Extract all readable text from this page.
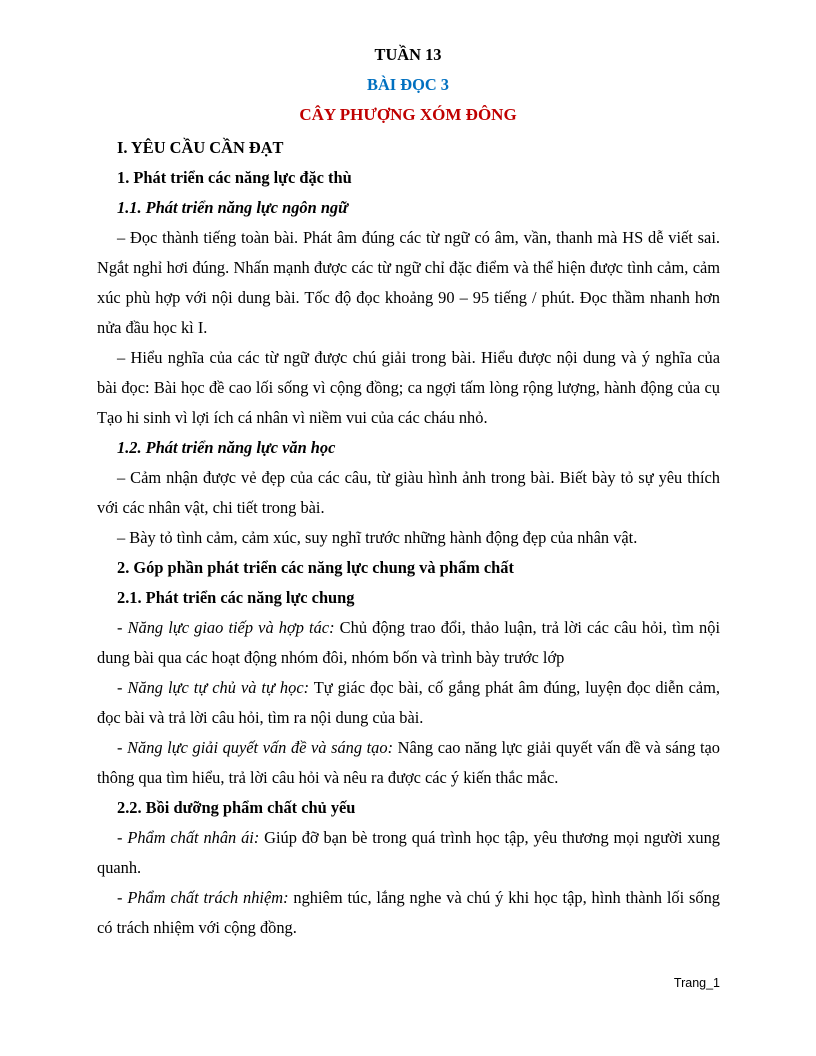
TUẦN 13
BÀI ĐỌC 3
CÂY PHƯỢNG XÓM ĐÔNG

I. YÊU CẦU CẦN ĐẠT

1. Phát triển các năng lực đặc thù

1.1. Phát triển năng lực ngôn ngữ

– Đọc thành tiếng toàn bài. Phát âm đúng các từ ngữ có âm, vần, thanh mà HS dễ viết sai. Ngắt nghỉ hơi đúng. Nhấn mạnh được các từ ngữ chỉ đặc điểm và thể hiện được tình cảm, cảm xúc phù hợp với nội dung bài. Tốc độ đọc khoảng 90 – 95 tiếng / phút. Đọc thầm nhanh hơn nửa đầu học kì I.

– Hiểu nghĩa của các từ ngữ được chú giải trong bài. Hiểu được nội dung và ý nghĩa của bài đọc: Bài học đề cao lối sống vì cộng đồng; ca ngợi tấm lòng rộng lượng, hành động của cụ Tạo hi sinh vì lợi ích cá nhân vì niềm vui của các cháu nhỏ.

1.2. Phát triển năng lực văn học

– Cảm nhận được vẻ đẹp của các câu, từ giàu hình ảnh trong bài. Biết bày tỏ sự yêu thích với các nhân vật, chi tiết trong bài.

– Bày tỏ tình cảm, cảm xúc, suy nghĩ trước những hành động đẹp của nhân vật.

2. Góp phần phát triển các năng lực chung và phẩm chất

2.1. Phát triển các năng lực chung

- Năng lực giao tiếp và hợp tác: Chủ động trao đổi, thảo luận, trả lời các câu hỏi, tìm nội dung bài qua các hoạt động nhóm đôi, nhóm bốn và trình bày trước lớp

- Năng lực tự chủ và tự học: Tự giác đọc bài, cố gắng phát âm đúng, luyện đọc diễn cảm, đọc bài và trả lời câu hỏi, tìm ra nội dung của bài.

- Năng lực giải quyết vấn đề và sáng tạo: Nâng cao năng lực giải quyết vấn đề và sáng tạo thông qua tìm hiểu, trả lời câu hỏi và nêu ra được các ý kiến thắc mắc.

2.2. Bồi dưỡng phẩm chất chủ yếu

- Phẩm chất nhân ái: Giúp đỡ bạn bè trong quá trình học tập, yêu thương mọi người xung quanh.

- Phẩm chất trách nhiệm: nghiêm túc, lắng nghe và chú ý khi học tập, hình thành lối sống có trách nhiệm với cộng đồng.

Trang_1
